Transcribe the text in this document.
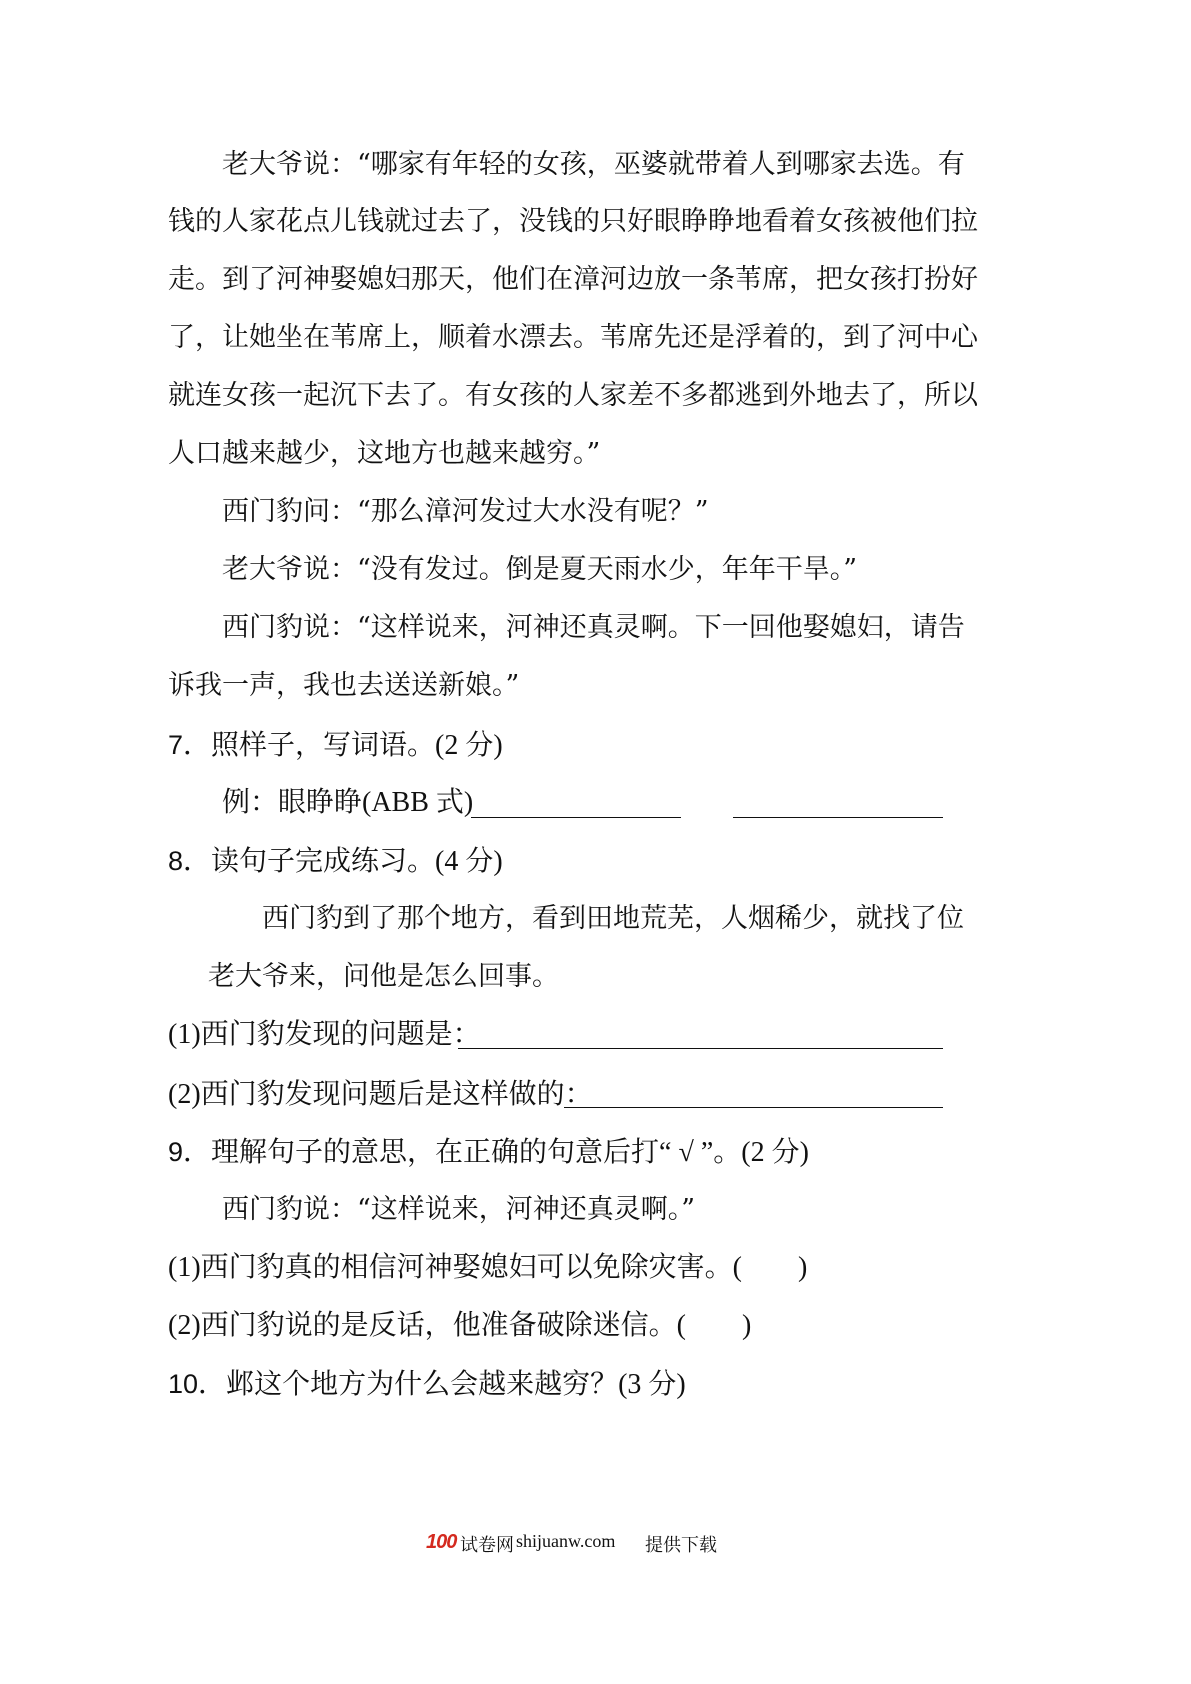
老大爷说：“哪家有年轻的女孩，巫婆就带着人到哪家去选。有
钱的人家花点儿钱就过去了，没钱的只好眼睁睁地看着女孩被他们拉
走。到了河神娶媳妇那天，他们在漳河边放一条苇席，把女孩打扮好
了，让她坐在苇席上，顺着水漂去。苇席先还是浮着的，到了河中心
就连女孩一起沉下去了。有女孩的人家差不多都逃到外地去了，所以
人口越来越少，这地方也越来越穷。”
西门豹问：“那么漳河发过大水没有呢？”
老大爷说：“没有发过。倒是夏天雨水少，年年干旱。”
西门豹说：“这样说来，河神还真灵啊。下一回他娶媳妇，请告
诉我一声，我也去送送新娘。”
7．照样子，写词语。(2 分)
例：眼睁睁(ABB 式)
8．读句子完成练习。(4 分)
西门豹到了那个地方，看到田地荒芜，人烟稀少，就找了位
老大爷来，问他是怎么回事。
(1)西门豹发现的问题是：
(2)西门豹发现问题后是这样做的：
9．理解句子的意思，在正确的句意后打“ √ ”。(2 分)
西门豹说：“这样说来，河神还真灵啊。”
(1)西门豹真的相信河神娶媳妇可以免除灾害。(　　)
(2)西门豹说的是反话，他准备破除迷信。(　　)
10．邺这个地方为什么会越来越穷？(3 分)
100 试卷网 shijuanw.com 提供下载
